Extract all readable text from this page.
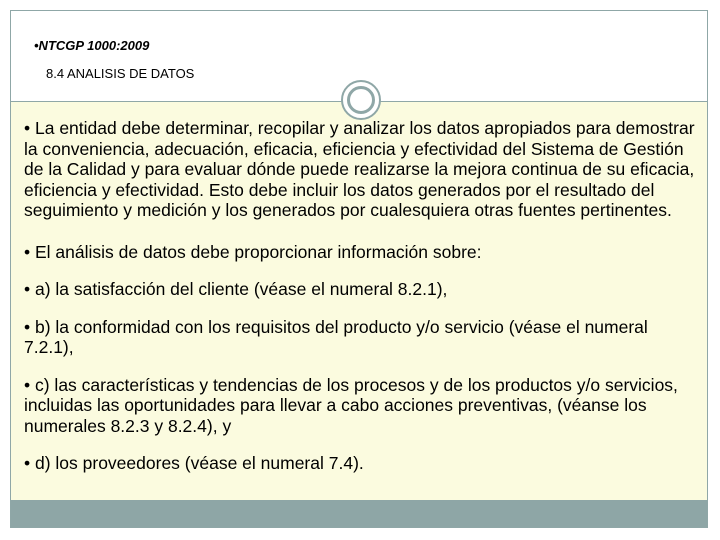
•NTCGP 1000:2009
8.4 ANALISIS DE DATOS

• La entidad debe determinar, recopilar y analizar los datos apropiados para demostrar la conveniencia, adecuación, eficacia, eficiencia y efectividad del Sistema de Gestión de la Calidad y para evaluar dónde puede realizarse la mejora continua de su eficacia, eficiencia y efectividad. Esto debe incluir los datos generados por el resultado del seguimiento y medición y los generados por cualesquiera otras fuentes pertinentes.

• El análisis de datos debe proporcionar información sobre:

• a) la satisfacción del cliente (véase el numeral 8.2.1),

• b) la conformidad con los requisitos del producto y/o servicio (véase el numeral 7.2.1),

• c) las características y tendencias de los procesos y de los productos y/o servicios, incluidas las oportunidades para llevar a cabo acciones preventivas, (véanse los numerales 8.2.3 y 8.2.4), y

• d) los proveedores (véase el numeral 7.4).
